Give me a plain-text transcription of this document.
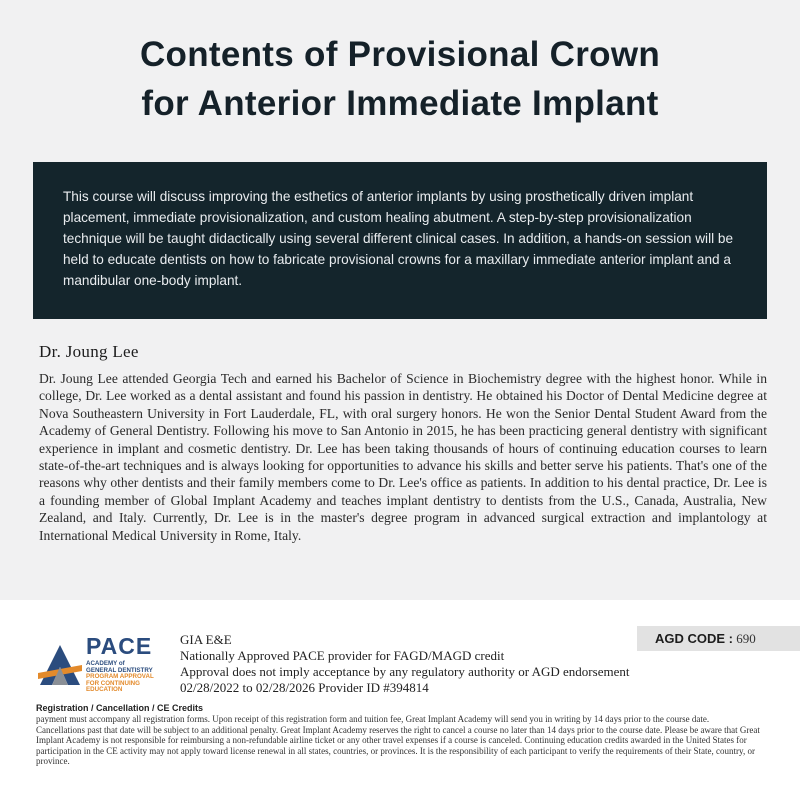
Contents of Provisional Crown
for Anterior Immediate Implant

This course will discuss improving the esthetics of anterior implants by using prosthetically driven implant placement, immediate provisionalization, and custom healing abutment. A step-by-step provisionalization technique will be taught didactically using several different clinical cases. In addition, a hands-on session will be held to educate dentists on how to fabricate provisional crowns for a maxillary immediate anterior implant and a mandibular one-body implant.

Dr. Joung Lee

Dr. Joung Lee attended Georgia Tech and earned his Bachelor of Science in Biochemistry degree with the highest honor. While in college, Dr. Lee worked as a dental assistant and found his passion in dentistry. He obtained his Doctor of Dental Medicine degree at Nova Southeastern University in Fort Lauderdale, FL, with oral surgery honors. He won the Senior Dental Student Award from the Academy of General Dentistry. Following his move to San Antonio in 2015, he has been practicing general dentistry with significant experience in implant and cosmetic dentistry. Dr. Lee has been taking thousands of hours of continuing education courses to learn state-of-the-art techniques and is always looking for opportunities to advance his skills and better serve his patients. That's one of the reasons why other dentists and their family members come to Dr. Lee's office as patients. In addition to his dental practice, Dr. Lee is a founding member of Global Implant Academy and teaches implant dentistry to dentists from the U.S., Canada, Australia, New Zealand, and Italy. Currently, Dr. Lee is in the master's degree program in advanced surgical extraction and implantology at International Medical University in Rome, Italy.

PACE
ACADEMY of
GENERAL DENTISTRY
PROGRAM APPROVAL
FOR CONTINUING
EDUCATION
GIA E&E
Nationally Approved PACE provider for FAGD/MAGD credit
Approval does not imply acceptance by any regulatory authority or AGD endorsement
02/28/2022 to 02/28/2026 Provider ID #394814
AGD CODE : 690
Registration / Cancellation / CE Credits

payment must accompany all registration forms. Upon receipt of this registration form and tuition fee, Great Implant Academy will send you in writing by 14 days prior to the course date.

Cancellations past that date will be subject to an additional penalty. Great Implant Academy reserves the right to cancel a course no later than 14 days prior to the course date. Please be aware that Great Implant Academy is not responsible for reimbursing a non-refundable airline ticket or any other travel expenses if a course is canceled. Continuing education credits awarded in the United States for participation in the CE activity may not apply toward license renewal in all states, countries, or provinces. It is the responsibility of each participant to verify the requirements of their State, country, or province.
